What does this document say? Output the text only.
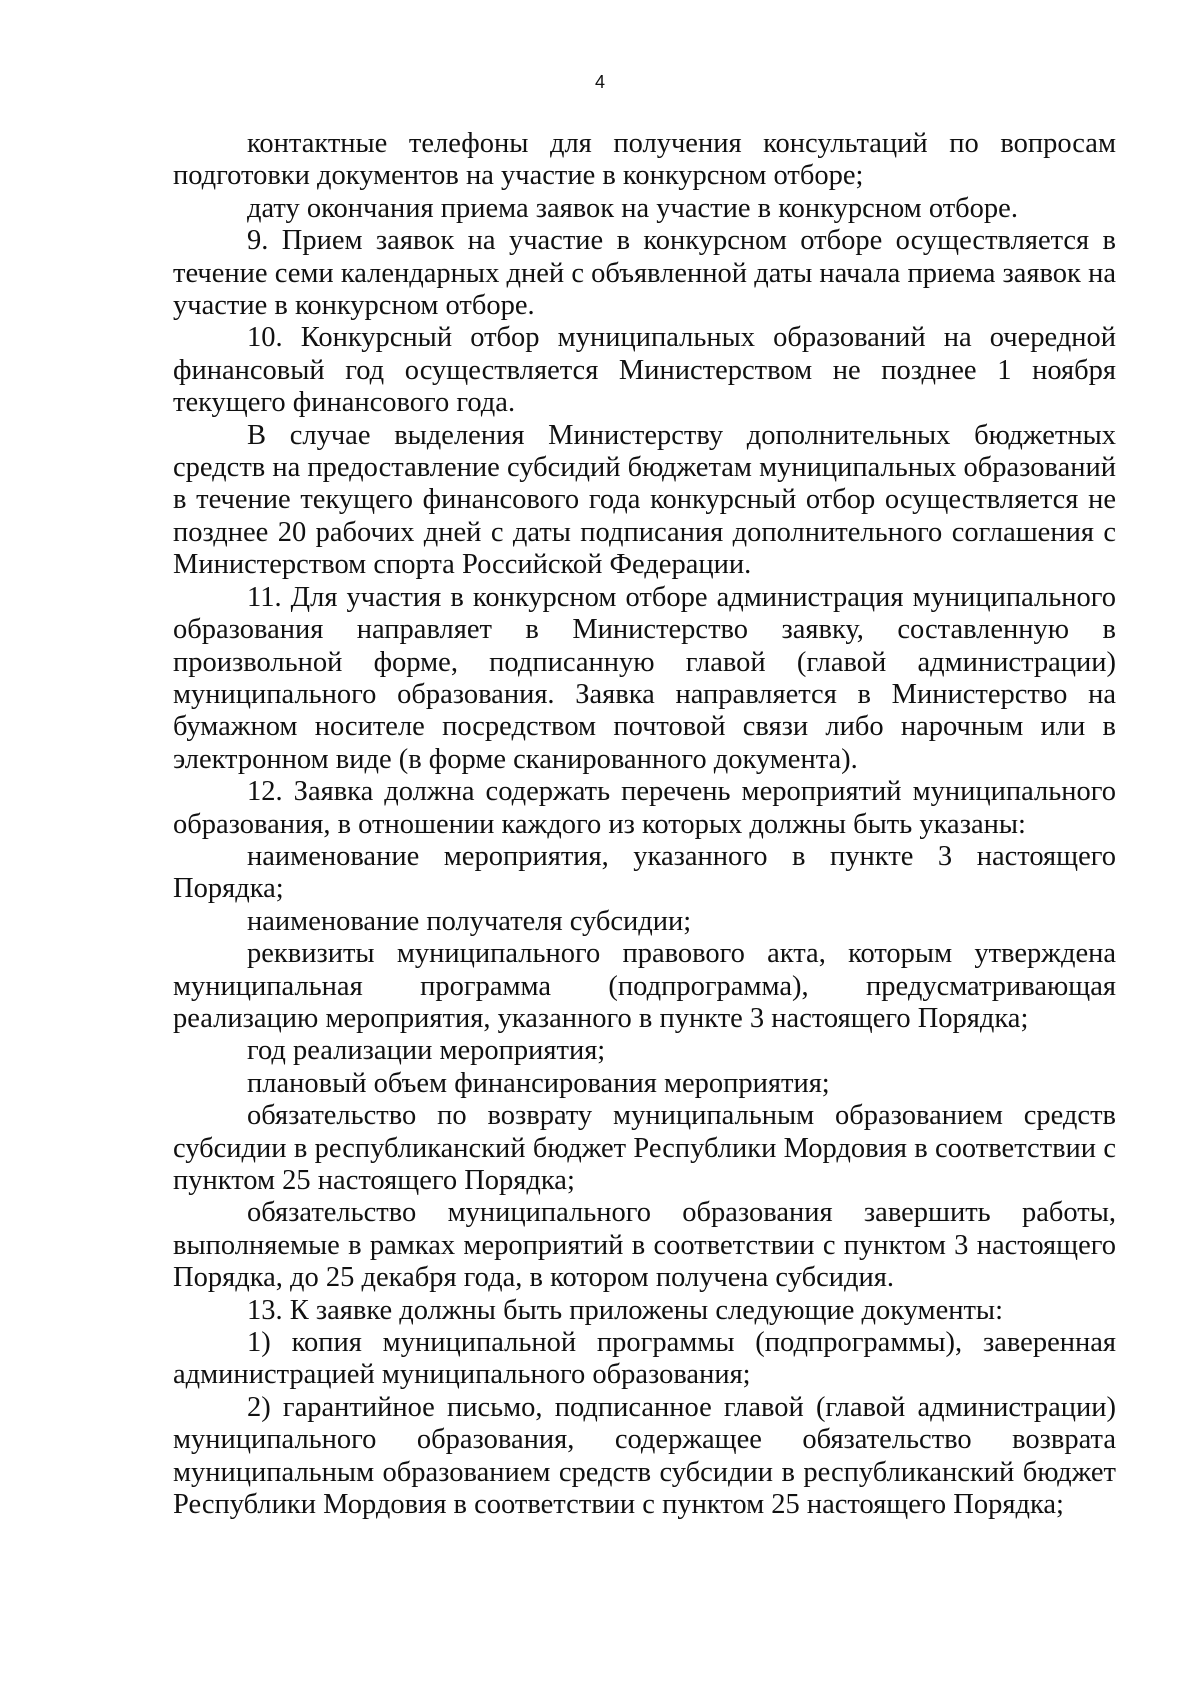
4

контактные телефоны для получения консультаций по вопросам подготовки документов на участие в конкурсном отборе;

дату окончания приема заявок на участие в конкурсном отборе.

9. Прием заявок на участие в конкурсном отборе осуществляется в течение семи календарных дней с объявленной даты начала приема заявок на участие в конкурсном отборе.

10. Конкурсный отбор муниципальных образований на очередной финансовый год осуществляется Министерством не позднее 1 ноября текущего финансового года.

В случае выделения Министерству дополнительных бюджетных средств на предоставление субсидий бюджетам муниципальных образований в течение текущего финансового года конкурсный отбор осуществляется не позднее 20 рабочих дней с даты подписания дополнительного соглашения с Министерством спорта Российской Федерации.

11. Для участия в конкурсном отборе администрация муниципального образования направляет в Министерство заявку, составленную в произвольной форме, подписанную главой (главой администрации) муниципального образования. Заявка направляется в Министерство на бумажном носителе посредством почтовой связи либо нарочным или в электронном виде (в форме сканированного документа).

12. Заявка должна содержать перечень мероприятий муниципального образования, в отношении каждого из которых должны быть указаны:

наименование мероприятия, указанного в пункте 3 настоящего Порядка;

наименование получателя субсидии;

реквизиты муниципального правового акта, которым утверждена муниципальная программа (подпрограмма), предусматривающая реализацию мероприятия, указанного в пункте 3 настоящего Порядка;

год реализации мероприятия;

плановый объем финансирования мероприятия;

обязательство по возврату муниципальным образованием средств субсидии в республиканский бюджет Республики Мордовия в соответствии с пунктом 25 настоящего Порядка;

обязательство муниципального образования завершить работы, выполняемые в рамках мероприятий в соответствии с пунктом 3 настоящего Порядка, до 25 декабря года, в котором получена субсидия.

13. К заявке должны быть приложены следующие документы:

1) копия муниципальной программы (подпрограммы), заверенная администрацией муниципального образования;

2) гарантийное письмо, подписанное главой (главой администрации) муниципального образования, содержащее обязательство возврата муниципальным образованием средств субсидии в республиканский бюджет Республики Мордовия в соответствии с пунктом 25 настоящего Порядка;
